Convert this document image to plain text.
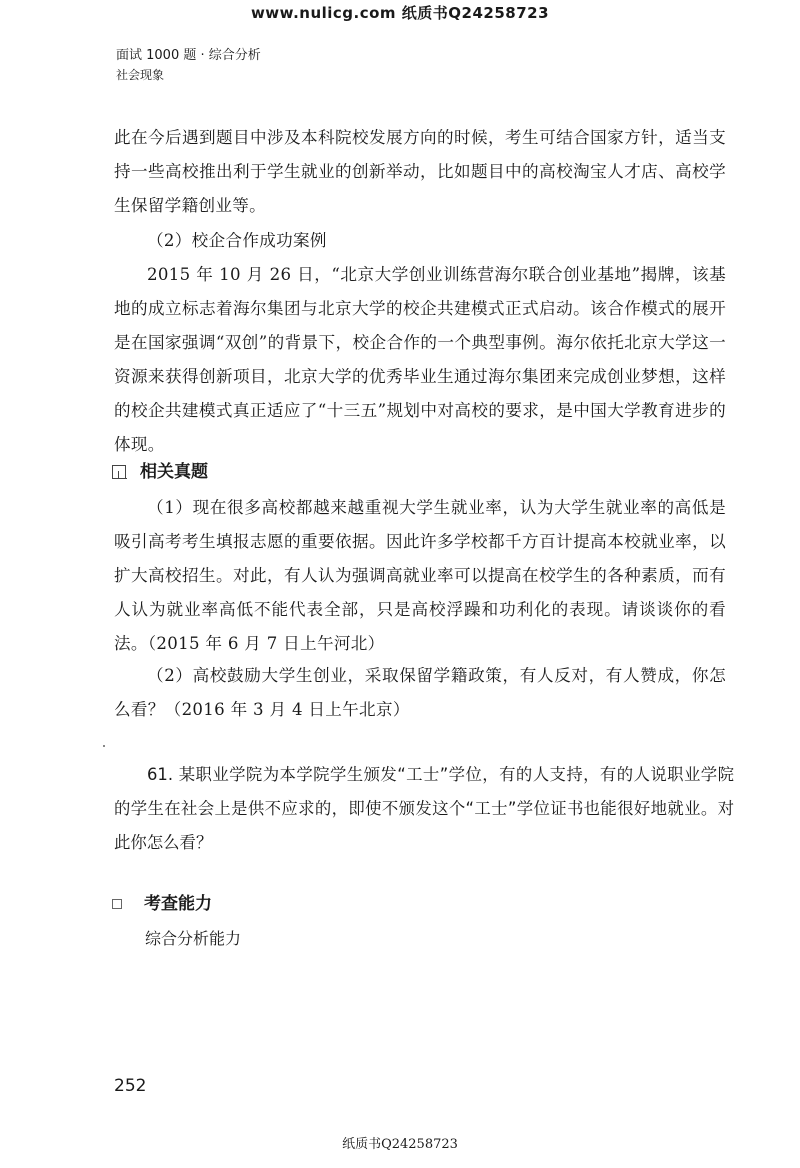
www.nulicg.com 纸质书Q24258723
面试 1000 题 · 综合分析
社会现象
此在今后遇到题目中涉及本科院校发展方向的时候，考生可结合国家方针，适当支持一些高校推出利于学生就业的创新举动，比如题目中的高校淘宝人才店、高校学生保留学籍创业等。
（2）校企合作成功案例
2015 年 10 月 26 日，“北京大学创业训练营海尔联合创业基地”揭牌，该基地的成立标志着海尔集团与北京大学的校企共建模式正式启动。该合作模式的展开是在国家强调“双创”的背景下，校企合作的一个典型事例。海尔依托北京大学这一资源来获得创新项目，北京大学的优秀毕业生通过海尔集团来完成创业梦想，这样的校企共建模式真正适应了“十三五”规划中对高校的要求，是中国大学教育进步的体现。
相关真题
（1）现在很多高校都越来越重视大学生就业率，认为大学生就业率的高低是吸引高考考生填报志愿的重要依据。因此许多学校都千方百计提高本校就业率，以扩大高校招生。对此，有人认为强调高就业率可以提高在校学生的各种素质，而有人认为就业率高低不能代表全部，只是高校浮躁和功利化的表现。请谈谈你的看法。（2015 年 6 月 7 日上午河北）
（2）高校鼓励大学生创业，采取保留学籍政策，有人反对，有人赞成，你怎么看？（2016 年 3 月 4 日上午北京）
61. 某职业学院为本学院学生颁发“工士”学位，有的人支持，有的人说职业学院的学生在社会上是供不应求的，即使不颁发这个“工士”学位证书也能很好地就业。对此你怎么看？
考查能力
综合分析能力
252
纸质书Q24258723
